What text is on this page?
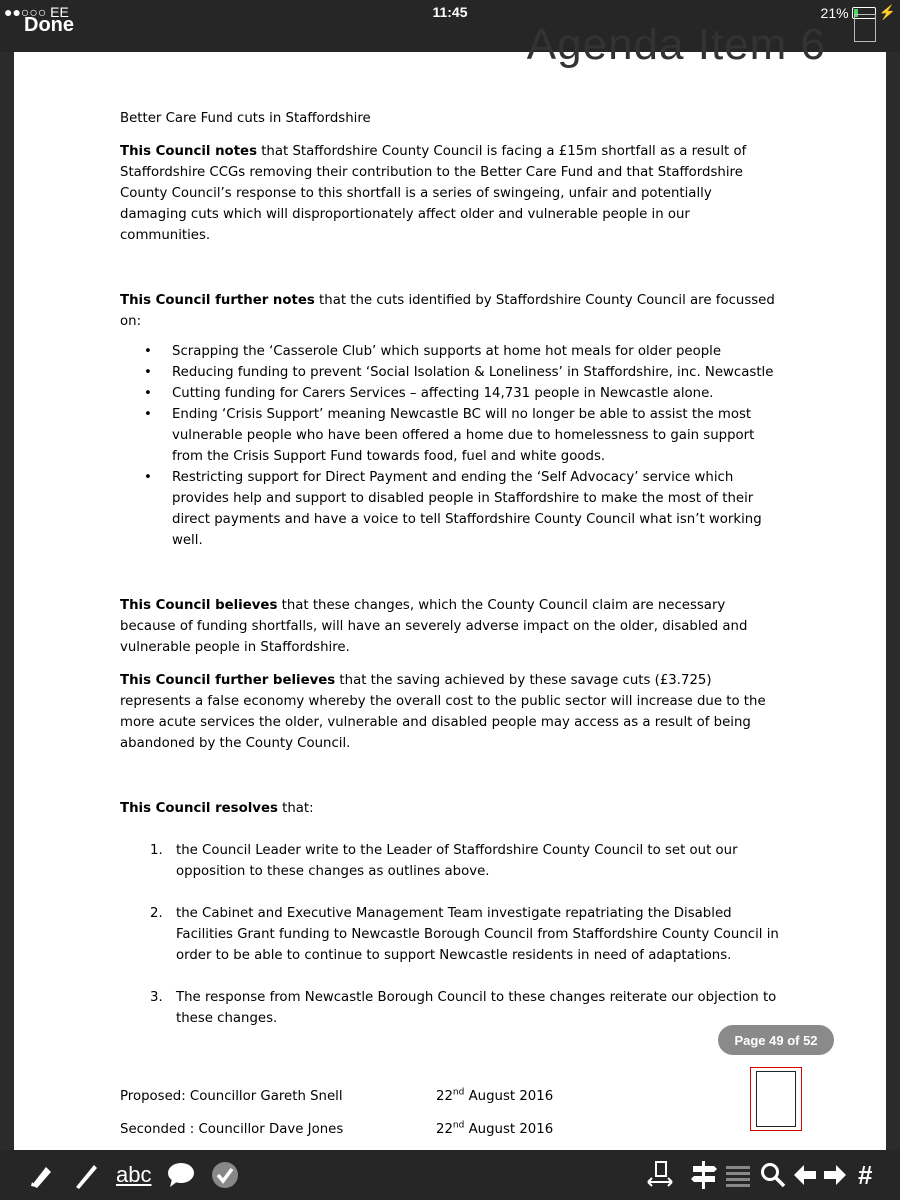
●●○○○ EE	11:45	21% ⚡
Done	Agenda Item 6

Better Care Fund cuts in Staffordshire

This Council notes that Staffordshire County Council is facing a £15m shortfall as a result of Staffordshire CCGs removing their contribution to the Better Care Fund and that Staffordshire County Council’s response to this shortfall is a series of swingeing, unfair and potentially damaging cuts which will disproportionately affect older and vulnerable people in our communities.

This Council further notes that the cuts identified by Staffordshire County Council are focussed on:

• Scrapping the ‘Casserole Club’ which supports at home hot meals for older people
• Reducing funding to prevent ‘Social Isolation & Loneliness’ in Staffordshire, inc. Newcastle
• Cutting funding for Carers Services – affecting 14,731 people in Newcastle alone.
• Ending ‘Crisis Support’ meaning Newcastle BC will no longer be able to assist the most vulnerable people who have been offered a home due to homelessness to gain support from the Crisis Support Fund towards food, fuel and white goods.
• Restricting support for Direct Payment and ending the ‘Self Advocacy’ service which provides help and support to disabled people in Staffordshire to make the most of their direct payments and have a voice to tell Staffordshire County Council what isn’t working well.

This Council believes that these changes, which the County Council claim are necessary because of funding shortfalls, will have an severely adverse impact on the older, disabled and vulnerable people in Staffordshire.

This Council further believes that the saving achieved by these savage cuts (£3.725) represents a false economy whereby the overall cost to the public sector will increase due to the more acute services the older, vulnerable and disabled people may access as a result of being abandoned by the County Council.

This Council resolves that:

1. the Council Leader write to the Leader of Staffordshire County Council to set out our opposition to these changes as outlines above.
2. the Cabinet and Executive Management Team investigate repatriating the Disabled Facilities Grant funding to Newcastle Borough Council from Staffordshire County Council in order to be able to continue to support Newcastle residents in need of adaptations.
3. The response from Newcastle Borough Council to these changes reiterate our objection to these changes.
Proposed: Councillor Gareth Snell	22nd August 2016
Seconded : Councillor Dave Jones	22nd August 2016
Page 49 of 52
abc	#
